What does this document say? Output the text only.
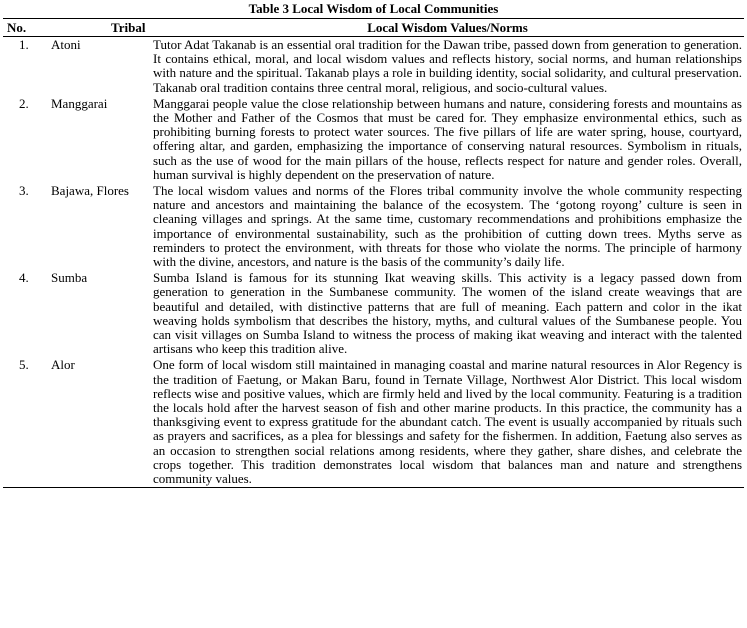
Table 3 Local Wisdom of Local Communities
No.	Tribal	Local Wisdom Values/Norms
1.	Atoni	Tutor Adat Takanab is an essential oral tradition for the Dawan tribe, passed down from generation to generation. It contains ethical, moral, and local wisdom values and reflects history, social norms, and human relationships with nature and the spiritual. Takanab plays a role in building identity, social solidarity, and cultural preservation. Takanab oral tradition contains three central moral, religious, and socio-cultural values.
2.	Manggarai	Manggarai people value the close relationship between humans and nature, considering forests and mountains as the Mother and Father of the Cosmos that must be cared for. They emphasize environmental ethics, such as prohibiting burning forests to protect water sources. The five pillars of life are water spring, house, courtyard, offering altar, and garden, emphasizing the importance of conserving natural resources. Symbolism in rituals, such as the use of wood for the main pillars of the house, reflects respect for nature and gender roles. Overall, human survival is highly dependent on the preservation of nature.
3.	Bajawa, Flores	The local wisdom values and norms of the Flores tribal community involve the whole community respecting nature and ancestors and maintaining the balance of the ecosystem. The ‘gotong royong’ culture is seen in cleaning villages and springs. At the same time, customary recommendations and prohibitions emphasize the importance of environmental sustainability, such as the prohibition of cutting down trees. Myths serve as reminders to protect the environment, with threats for those who violate the norms. The principle of harmony with the divine, ancestors, and nature is the basis of the community’s daily life.
4.	Sumba	Sumba Island is famous for its stunning Ikat weaving skills. This activity is a legacy passed down from generation to generation in the Sumbanese community. The women of the island create weavings that are beautiful and detailed, with distinctive patterns that are full of meaning. Each pattern and color in the ikat weaving holds symbolism that describes the history, myths, and cultural values of the Sumbanese people. You can visit villages on Sumba Island to witness the process of making ikat weaving and interact with the talented artisans who keep this tradition alive.
5.	Alor	One form of local wisdom still maintained in managing coastal and marine natural resources in Alor Regency is the tradition of Faetung, or Makan Baru, found in Ternate Village, Northwest Alor District. This local wisdom reflects wise and positive values, which are firmly held and lived by the local community. Featuring is a tradition the locals hold after the harvest season of fish and other marine products. In this practice, the community has a thanksgiving event to express gratitude for the abundant catch. The event is usually accompanied by rituals such as prayers and sacrifices, as a plea for blessings and safety for the fishermen. In addition, Faetung also serves as an occasion to strengthen social relations among residents, where they gather, share dishes, and celebrate the crops together. This tradition demonstrates local wisdom that balances man and nature and strengthens community values.
